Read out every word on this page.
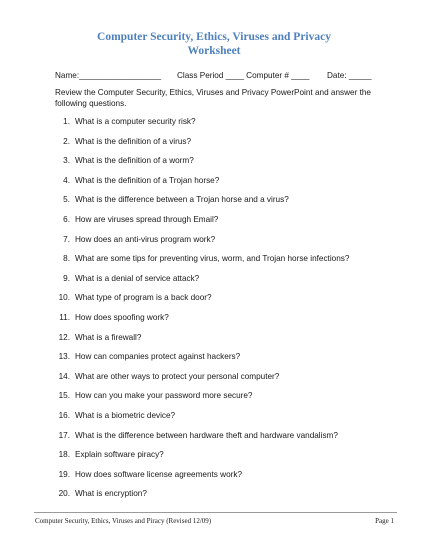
Computer Security, Ethics, Viruses and Privacy
Worksheet
Name:__________________ Class Period ____ Computer # ____ Date: _____
Review the Computer Security, Ethics, Viruses and Privacy PowerPoint and answer the following questions.
1. What is a computer security risk?
2. What is the definition of a virus?
3. What is the definition of a worm?
4. What is the definition of a Trojan horse?
5. What is the difference between a Trojan horse and a virus?
6. How are viruses spread through Email?
7. How does an anti-virus program work?
8. What are some tips for preventing virus, worm, and Trojan horse infections?
9. What is a denial of service attack?
10. What type of program is a back door?
11. How does spoofing work?
12. What is a firewall?
13. How can companies protect against hackers?
14. What are other ways to protect your personal computer?
15. How can you make your password more secure?
16. What is a biometric device?
17. What is the difference between hardware theft and hardware vandalism?
18. Explain software piracy?
19. How does software license agreements work?
20. What is encryption?
Computer Security, Ethics, Viruses and Piracy (Revised 12/09)	Page 1
